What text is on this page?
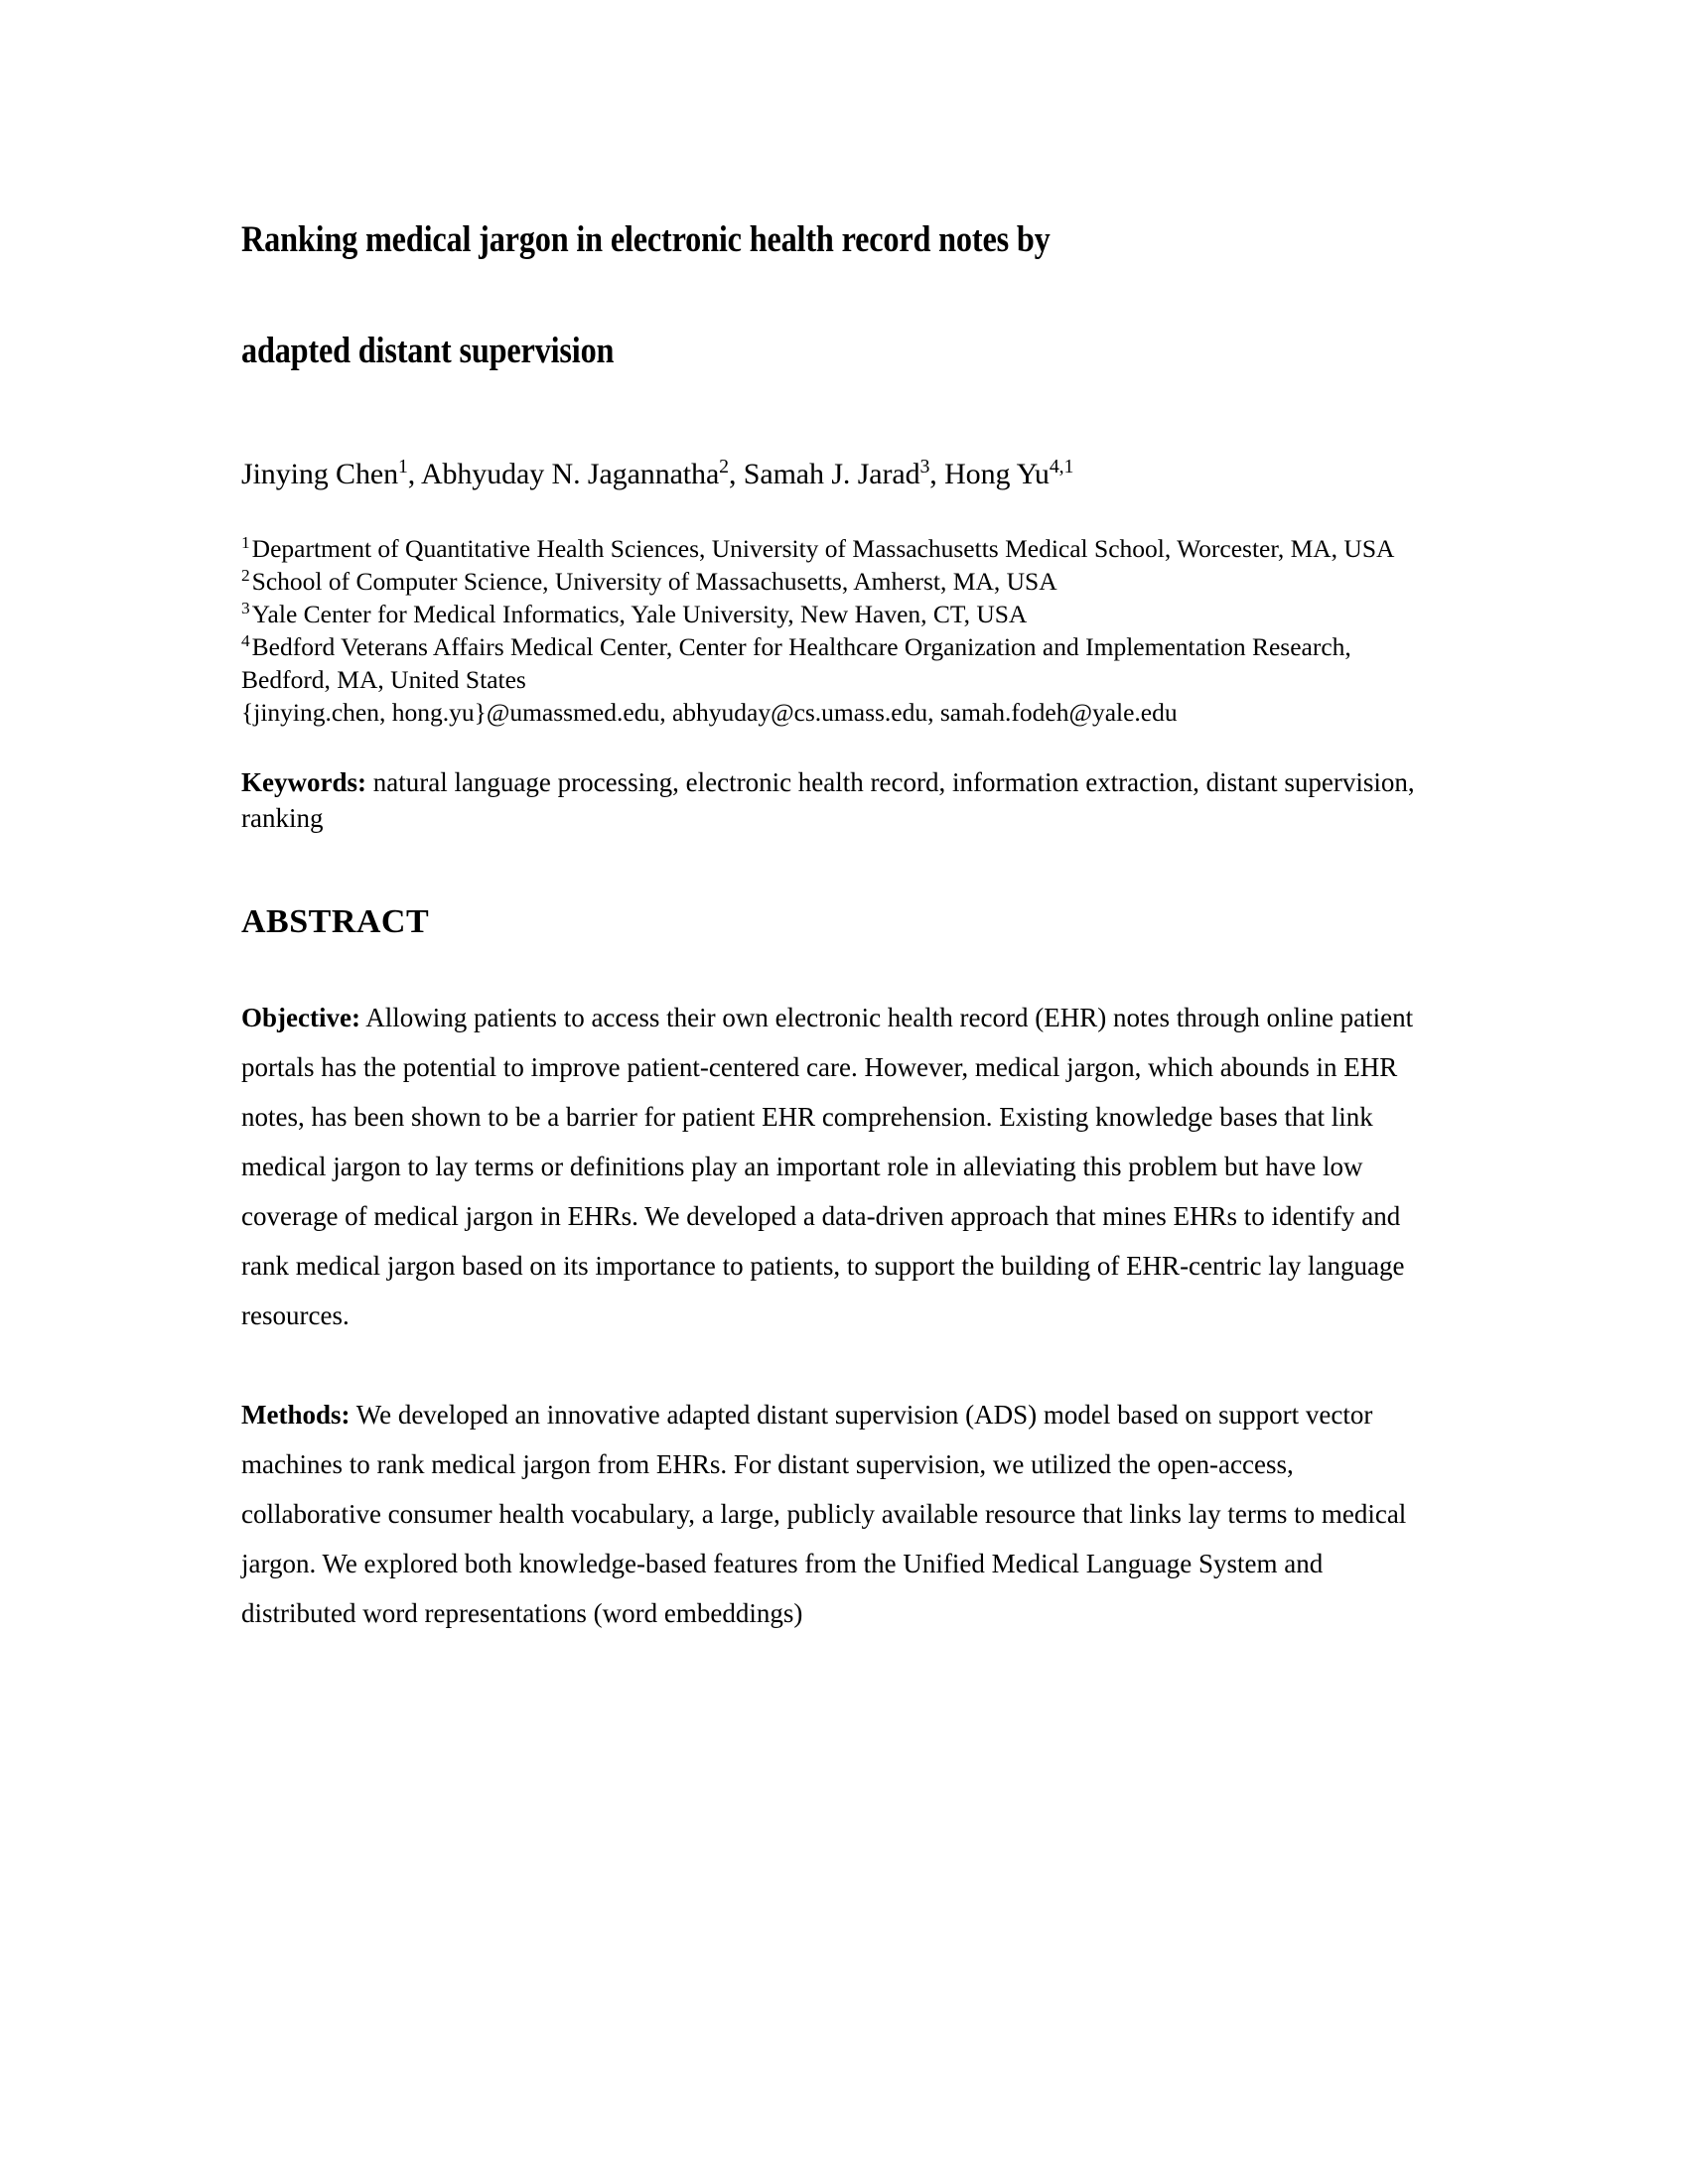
Ranking medical jargon in electronic health record notes by
adapted distant supervision
Jinying Chen$^1$, Abhyuday N. Jagannatha$^2$, Samah J. Jarad$^3$, Hong Yu$^{4,1}$
$^1$Department of Quantitative Health Sciences, University of Massachusetts Medical School, Worcester, MA, USA
$^2$School of Computer Science, University of Massachusetts, Amherst, MA, USA
$^3$Yale Center for Medical Informatics, Yale University, New Haven, CT, USA
$^4$Bedford Veterans Affairs Medical Center, Center for Healthcare Organization and Implementation Research, Bedford, MA, United States
{jinying.chen, hong.yu}@umassmed.edu, abhyuday@cs.umass.edu, samah.fodeh@yale.edu
Keywords: natural language processing, electronic health record, information extraction, distant supervision, ranking
ABSTRACT

Objective: Allowing patients to access their own electronic health record (EHR) notes through online patient portals has the potential to improve patient-centered care. However, medical jargon, which abounds in EHR notes, has been shown to be a barrier for patient EHR comprehension. Existing knowledge bases that link medical jargon to lay terms or definitions play an important role in alleviating this problem but have low coverage of medical jargon in EHRs. We developed a data-driven approach that mines EHRs to identify and rank medical jargon based on its importance to patients, to support the building of EHR-centric lay language resources.

Methods: We developed an innovative adapted distant supervision (ADS) model based on support vector machines to rank medical jargon from EHRs. For distant supervision, we utilized the open-access, collaborative consumer health vocabulary, a large, publicly available resource that links lay terms to medical jargon. We explored both knowledge-based features from the Unified Medical Language System and distributed word representations (word embeddings)
